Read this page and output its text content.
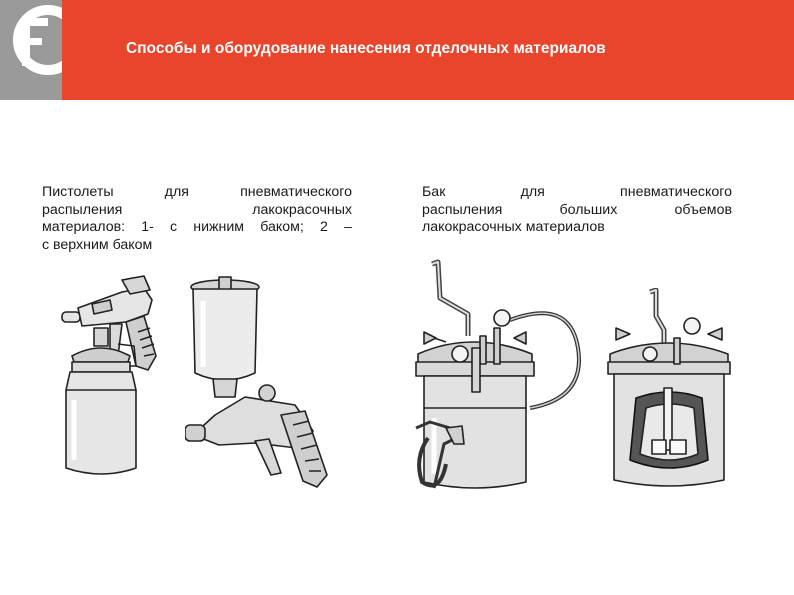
Способы и оборудование нанесения отделочных материалов
Пистолеты для пневматического
распыления лакокрасочных
материалов: 1- с нижним баком; 2 –
с верхним баком
Бак для пневматического
распыления больших объемов
лакокрасочных материалов
